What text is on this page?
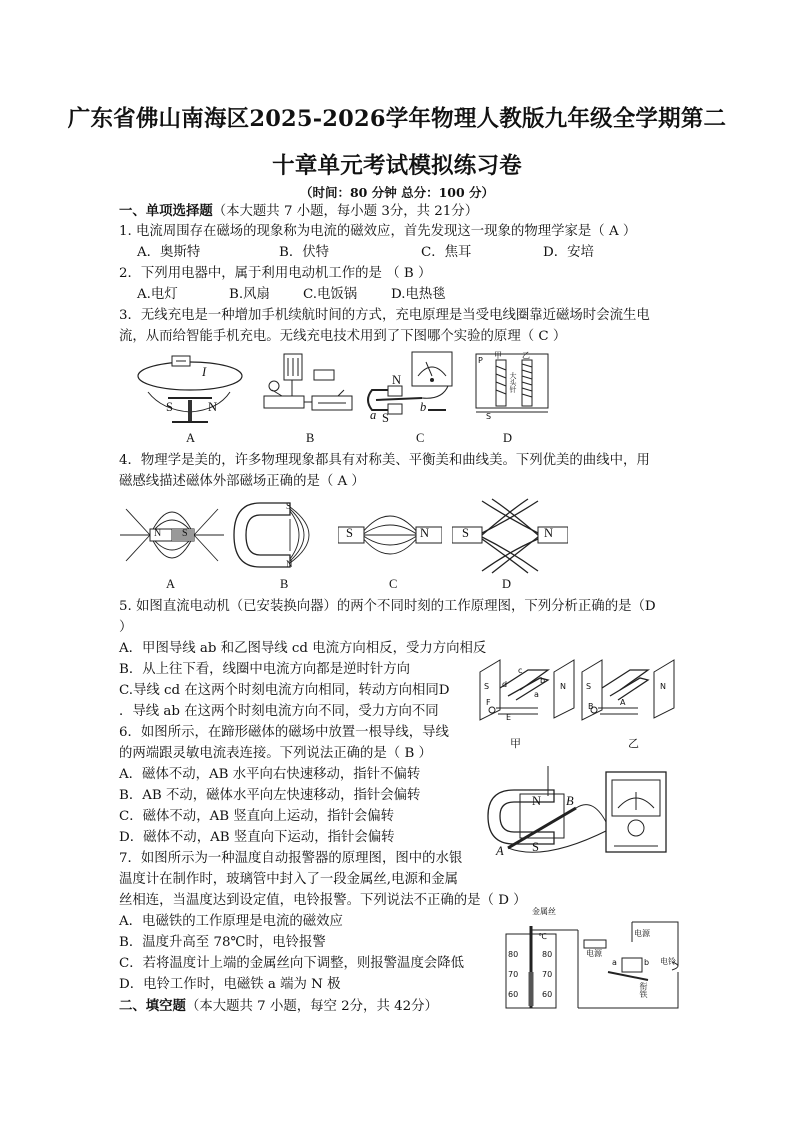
广东省佛山南海区2025-2026学年物理人教版九年级全学期第二
十章单元考试模拟练习卷
（时间：80 分钟 总分：100 分）
一、单项选择题（本大题共 7 小题，每小题 3分，共 21分）
1. 电流周围存在磁场的现象称为电流的磁效应，首先发现这一现象的物理学家是（ A ）
A．奥斯特	B．伏特	C．焦耳	D．安培
2．下列用电器中，属于利用电动机工作的是 （ B ）
A.电灯	B.风扇 C.电饭锅	D.电热毯
3．无线充电是一种增加手机续航时间的方式，充电原理是当受电线圈靠近磁场时会流生电
流，从而给智能手机充电。无线充电技术用到了下图哪个实验的原理（ C ）
I
S	N
N
S
a
b
甲	乙
P
S
大头针
A	B	C	D
4．物理学是美的，许多物理现象都具有对称美、平衡美和曲线美。下列优美的曲线中，用
磁感线描述磁体外部磁场正确的是（ A ）
N S
S
N
S	N	S	N
A	B	C	D
5. 如图直流电动机（已安装换向器）的两个不同时刻的工作原理图，下列分析正确的是（D
）
A．甲图导线 ab 和乙图导线 cd 电流方向相反，受力方向相反
B．从上往下看，线圈中电流方向都是逆时针方向
C.导线 cd 在这两个时刻电流方向相同，转动方向相同D
．导线 ab 在这两个时刻电流方向不同，受力方向不同
S	N
a
b
c
d
E
F
甲
S	N
A
B
乙
6．如图所示，在蹄形磁体的磁场中放置一根导线，导线
的两端跟灵敏电流表连接。下列说法正确的是（ B ）
A．磁体不动，AB 水平向右快速移动，指针不偏转
B．AB 不动，磁体水平向左快速移动，指针会偏转
C．磁体不动，AB 竖直向上运动，指针会偏转
D．磁体不动，AB 竖直向下运动，指针会偏转
N
S
A
B
7．如图所示为一种温度自动报警器的原理图，图中的水银
温度计在制作时，玻璃管中封入了一段金属丝,电源和金属
丝相连，当温度达到设定值，电铃报警。下列说法不正确的是（ D ）
A．电磁铁的工作原理是电流的磁效应
B．温度升高至 78℃时，电铃报警
C．若将温度计上端的金属丝向下调整，则报警温度会降低
D．电铃工作时，电磁铁 a 端为 N 极
金属丝
℃
80
70
60
80
70
60
电源
电源
电铃
a	b
衔铁
二、填空题（本大题共 7 小题，每空 2分，共 42分）
